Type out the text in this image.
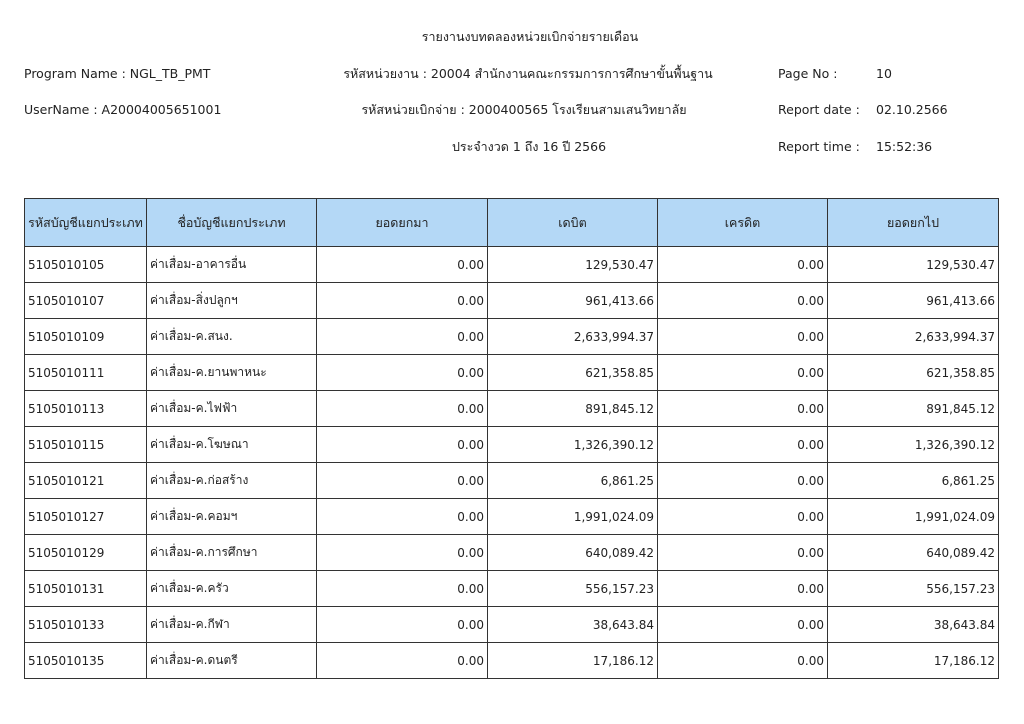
รายงานงบทดลองหน่วยเบิกจ่ายรายเดือน
Program Name : NGL_TB_PMT	รหัสหน่วยงาน : 20004 สำนักงานคณะกรรมการการศึกษาขั้นพื้นฐาน	Page No :	10
UserName : A20004005651001	รหัสหน่วยเบิกจ่าย : 2000400565 โรงเรียนสามเสนวิทยาลัย	Report date : 02.10.2566
ประจำงวด 1 ถึง 16 ปี 2566	Report time : 15:52:36
รหัสบัญชีแยกประเภท	ชื่อบัญชีแยกประเภท	ยอดยกมา	เดบิต	เครดิต	ยอดยกไป
5105010105	ค่าเสื่อม-อาคารอื่น	0.00	129,530.47	0.00	129,530.47
5105010107	ค่าเสื่อม-สิ่งปลูกฯ	0.00	961,413.66	0.00	961,413.66
5105010109	ค่าเสื่อม-ค.สนง.	0.00	2,633,994.37	0.00	2,633,994.37
5105010111	ค่าเสื่อม-ค.ยานพาหนะ	0.00	621,358.85	0.00	621,358.85
5105010113	ค่าเสื่อม-ค.ไฟฟ้า	0.00	891,845.12	0.00	891,845.12
5105010115	ค่าเสื่อม-ค.โฆษณา	0.00	1,326,390.12	0.00	1,326,390.12
5105010121	ค่าเสื่อม-ค.ก่อสร้าง	0.00	6,861.25	0.00	6,861.25
5105010127	ค่าเสื่อม-ค.คอมฯ	0.00	1,991,024.09	0.00	1,991,024.09
5105010129	ค่าเสื่อม-ค.การศึกษา	0.00	640,089.42	0.00	640,089.42
5105010131	ค่าเสื่อม-ค.ครัว	0.00	556,157.23	0.00	556,157.23
5105010133	ค่าเสื่อม-ค.กีฬา	0.00	38,643.84	0.00	38,643.84
5105010135	ค่าเสื่อม-ค.ดนตรี	0.00	17,186.12	0.00	17,186.12
